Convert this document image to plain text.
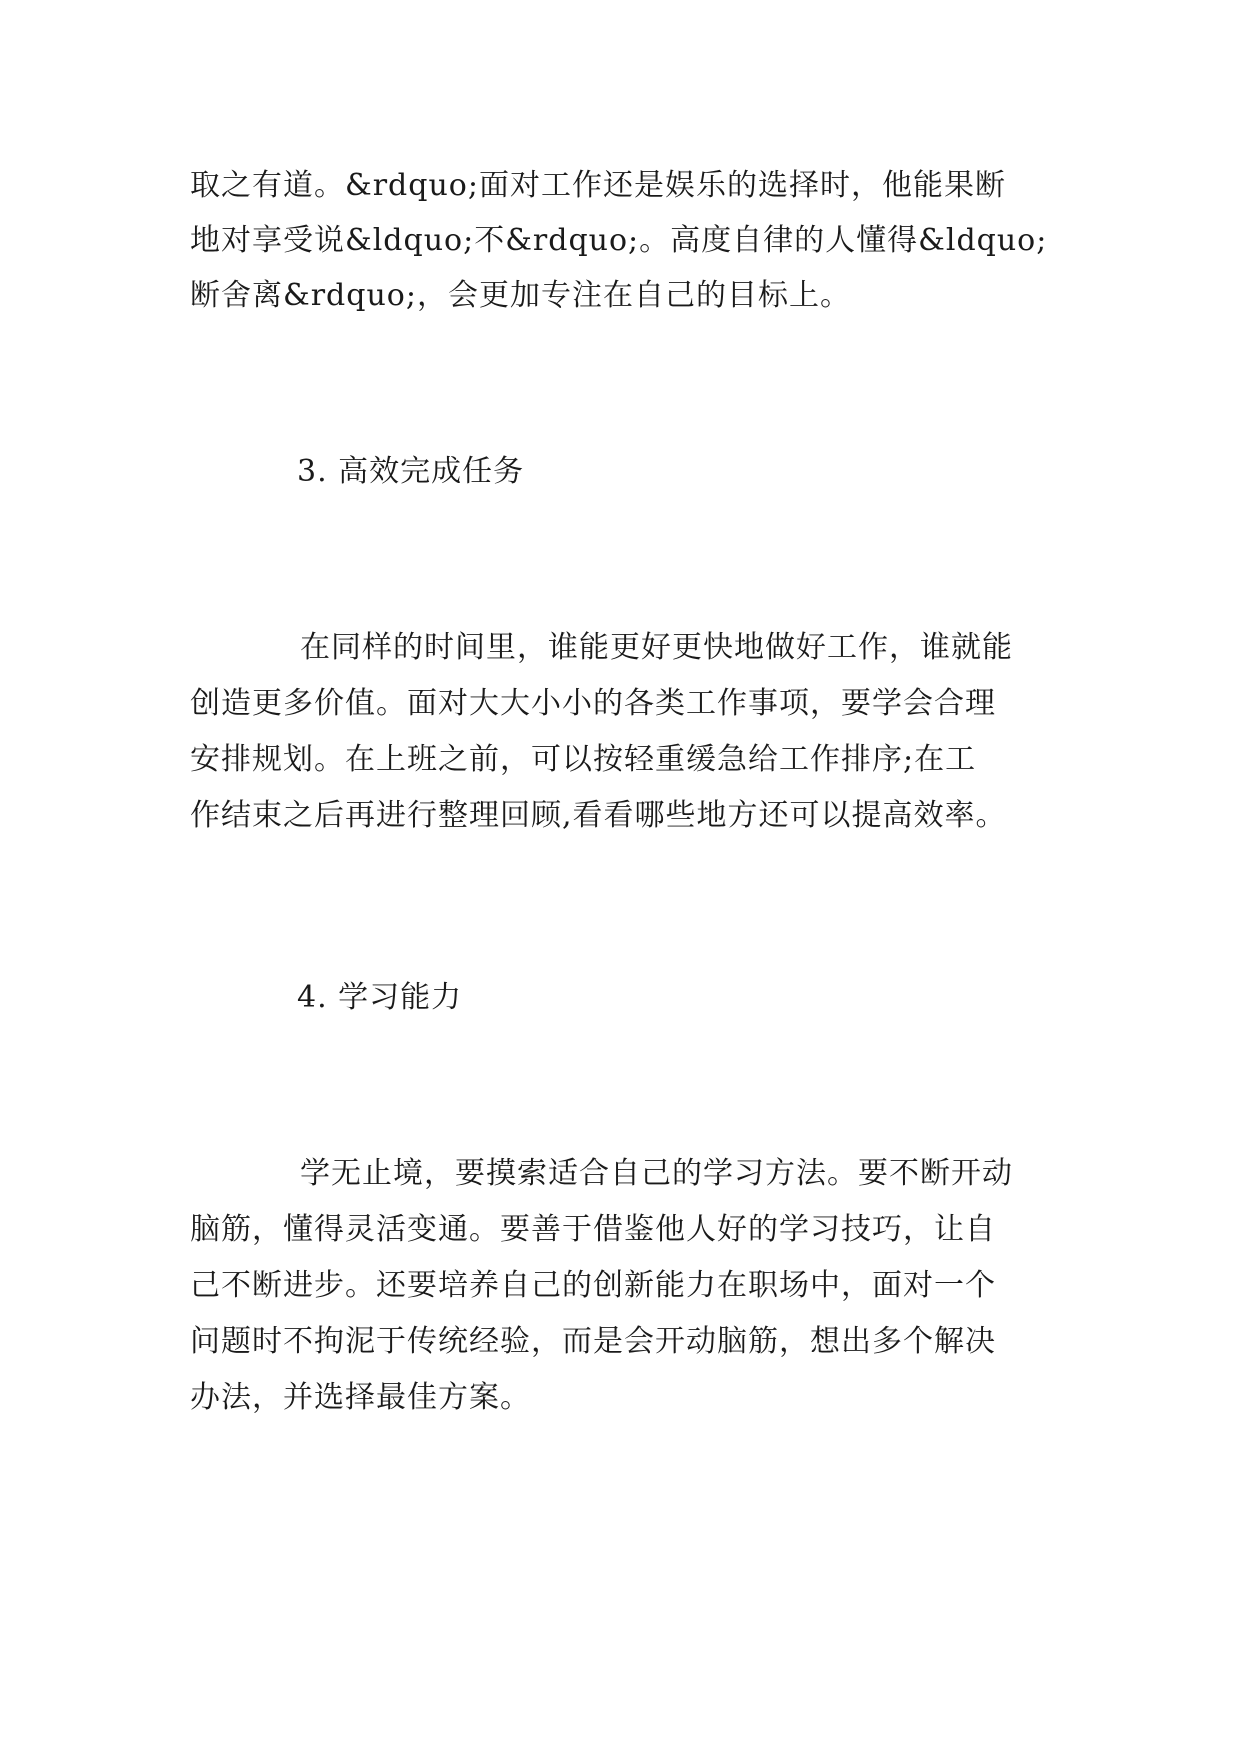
取之有道。&rdquo;面对工作还是娱乐的选择时，他能果断

地对享受说&ldquo;不&rdquo;。高度自律的人懂得&ldquo;

断舍离&rdquo;，会更加专注在自己的目标上。

3. 高效完成任务

在同样的时间里，谁能更好更快地做好工作，谁就能

创造更多价值。面对大大小小的各类工作事项，要学会合理

安排规划。在上班之前，可以按轻重缓急给工作排序;在工

作结束之后再进行整理回顾,看看哪些地方还可以提高效率。

4. 学习能力

学无止境，要摸索适合自己的学习方法。要不断开动

脑筋，懂得灵活变通。要善于借鉴他人好的学习技巧，让自

己不断进步。还要培养自己的创新能力在职场中，面对一个

问题时不拘泥于传统经验，而是会开动脑筋，想出多个解决

办法，并选择最佳方案。
